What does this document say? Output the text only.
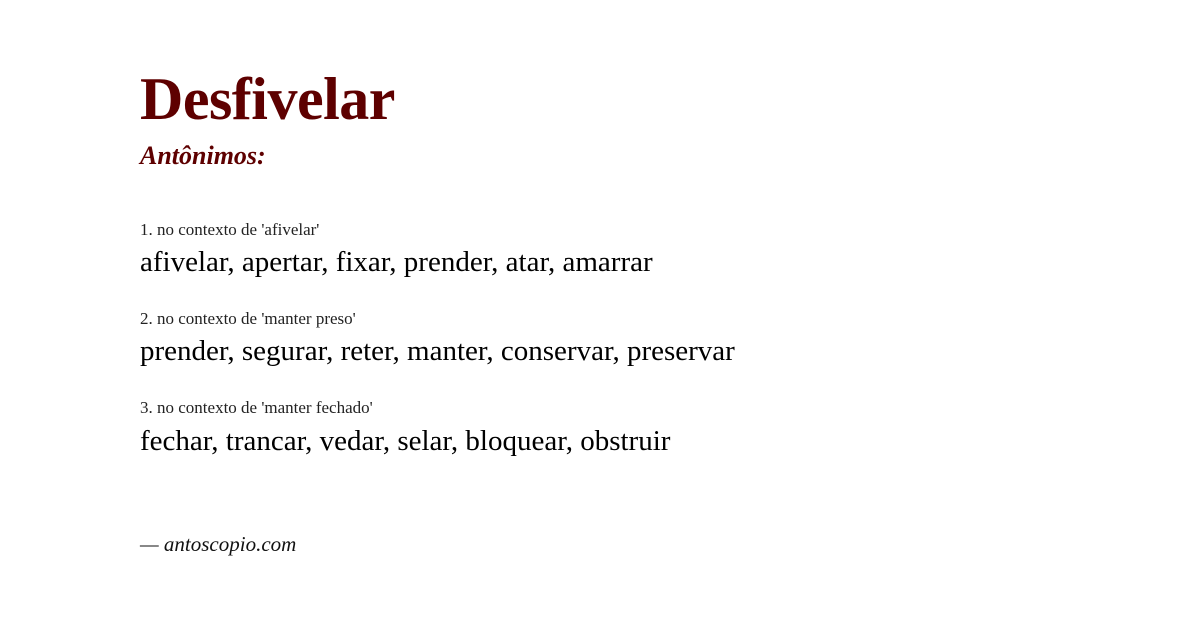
Desfivelar
Antônimos:
1. no contexto de 'afivelar'
afivelar, apertar, fixar, prender, atar, amarrar
2. no contexto de 'manter preso'
prender, segurar, reter, manter, conservar, preservar
3. no contexto de 'manter fechado'
fechar, trancar, vedar, selar, bloquear, obstruir
— antoscopio.com
